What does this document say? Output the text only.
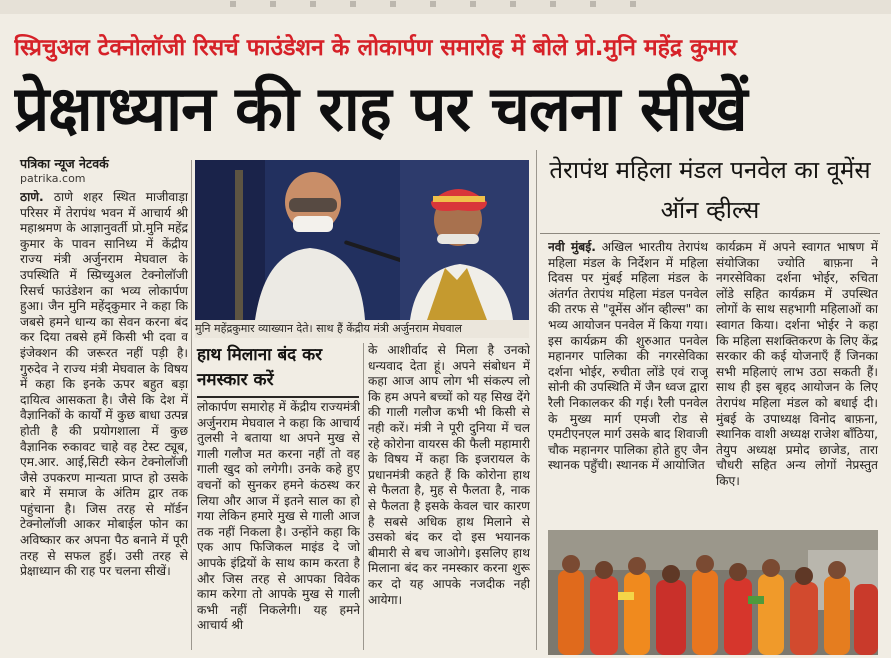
स्प्रिचुअल टेक्नोलॉजी रिसर्च फाउंडेशन के लोकार्पण समारोह में बोले प्रो.मुनि महेंद्र कुमार
प्रेक्षाध्यान की राह पर चलना सीखें
पत्रिका न्यूज नेटवर्क
patrika.com
ठाणे. ठाणे शहर स्थित माजीवाड़ा परिसर में तेरापंथ भवन में आचार्य श्री महाश्रमण के आज्ञानुवर्ती प्रो.मुनि महेंद्र कुमार के पावन सानिध्य में केंद्रीय राज्य मंत्री अर्जुनराम मेघवाल के उपस्थिति में स्प्रिच्युअल टेक्नोलॉजी रिसर्च फाउंडेशन का भव्य लोकार्पण हुआ। जैन मुनि महेंद्कुमार ने कहा कि जबसे हमने धान्य का सेवन करना बंद कर दिया तबसे हमें किसी भी दवा व इंजेक्शन की जरूरत नहीं पड़ी है। गुरुदेव ने राज्य मंत्री मेघवाल के विषय में कहा कि इनके ऊपर बहुत बड़ा दायित्व आसकता है। जैसे कि देश में वैज्ञानिकों के कार्यों में कुछ बाधा उत्पन्न होती है की प्रयोगशाला में कुछ वैज्ञानिक रुकावट चाहे वह टेस्ट ट्यूब, एम.आर. आई,सिटी स्केन टेक्नोलॉजी जैसे उपकरण मान्यता प्राप्त हो उसके बारे में समाज के अंतिम द्वार तक पहुंचाना है। जिस तरह से मॉर्डन टेक्नोलॉजी आकर मोबाईल फोन का अविष्कार कर अपना पैठ बनाने में पूरी तरह से सफल हुई। उसी तरह से प्रेक्षाध्यान की राह पर चलना सीखें।
मुनि महेंद्रकुमार व्याख्यान देते। साथ हैं केंद्रीय मंत्री अर्जुनराम मेघवाल
हाथ मिलाना बंद कर नमस्कार करें
लोकार्पण समारोह में केंद्रीय राज्यमंत्री अर्जुनराम मेघवाल ने कहा कि आचार्य तुलसी ने बताया था अपने मुख से गाली गलौज मत करना नहीं तो वह गाली खुद को लगेगी। उनके कहे हुए वचनों को सुनकर हमने कंठस्थ कर लिया और आज में इतने साल का हो गया लेकिन हमारे मुख से गाली आज तक नहीं निकला है। उन्होंने कहा कि एक आप फिजिकल माइंड दे जो आपके इंद्रियों के साथ काम करता है और जिस तरह से आपका विवेक काम करेगा तो आपके मुख से गाली कभी नहीं निकलेगी। यह हमने आचार्य श्री
के आशीर्वाद से मिला है उनको धन्यवाद देता हूं। अपने संबोधन में कहा आज आप लोग भी संकल्प लो कि हम अपने बच्चों को यह सिख देंगे की गाली गलौज कभी भी किसी से नही करें। मंत्री ने पूरी दुनिया में चल रहे कोरोना वायरस की फैली महामारी के विषय में कहा कि इजरायल के प्रधानमंत्री कहते हैं कि कोरोना हाथ से फैलता है, मुह से फैलता है, नाक से फैलता है इसके केवल चार कारण है सबसे अधिक हाथ मिलाने से उसको बंद कर दो इस भयानक बीमारी से बच जाओगे। इसलिए हाथ मिलाना बंद कर नमस्कार करना शुरू कर दो यह आपके नजदीक नही आयेगा।
तेरापंथ महिला मंडल पनवेल का वूमेंस ऑन व्हील्स
नवी मुंबई. अखिल भारतीय तेरापंथ महिला मंडल के निर्देशन में महिला दिवस पर मुंबई महिला मंडल के अंतर्गत तेरापंथ महिला मंडल पनवेल की तरफ से "वूमेंस ऑन व्हील्स" का भव्य आयोजन पनवेल में किया गया। इस कार्यक्रम की शुरुआत पनवेल महानगर पालिका की नगरसेविका दर्शना भोईर, रुचीता लोंडे एवं राजू सोनी की उपस्थिति में जैन ध्वज द्वारा रैली निकालकर की गई। रैली पनवेल के मुख्य मार्ग एमजी रोड से एमटीएनएल मार्ग उसके बाद शिवाजी चौक महानगर पालिका होते हुए जैन स्थानक पहुँची। स्थानक में आयोजित
कार्यक्रम में अपने स्वागत भाषण में संयोजिका ज्योति बाफ़ना ने नगरसेविका दर्शना भोईर, रुचिता लोंडे सहित कार्यक्रम में उपस्थित लोगों के साथ सहभागी महिलाओं का स्वागत किया। दर्शना भोईर ने कहा कि महिला सशक्तिकरण के लिए केंद्र सरकार की कई योजनाएँ हैं जिनका सभी महिलाएं लाभ उठा सकती हैं। साथ ही इस बृहद आयोजन के लिए तेरापंथ महिला मंडल को बधाई दी। मुंबई के उपाध्यक्ष विनोद बाफ़ना, स्थानिक वाशी अध्यक्ष राजेश बाँठिया, तेयुप अध्यक्ष प्रमोद छाजेड, तारा चौधरी सहित अन्य लोगों नेप्रस्तुत किए।
